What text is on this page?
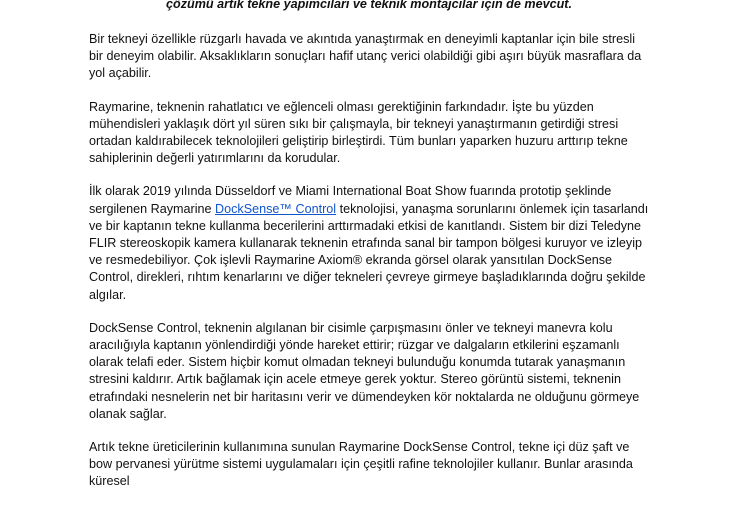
çözümü artık tekne yapımcıları ve teknik montajcılar için de mevcut.

Bir tekneyi özellikle rüzgarlı havada ve akıntıda yanaştırmak en deneyimli kaptanlar için bile stresli bir deneyim olabilir. Aksaklıkların sonuçları hafif utanç verici olabildiği gibi aşırı büyük masraflara da yol açabilir.

Raymarine, teknenin rahatlatıcı ve eğlenceli olması gerektiğinin farkındadır. İşte bu yüzden mühendisleri yaklaşık dört yıl süren sıkı bir çalışmayla, bir tekneyi yanaştırmanın getirdiği stresi ortadan kaldırabilecek teknolojileri geliştirip birleştirdi. Tüm bunları yaparken huzuru arttırıp tekne sahiplerinin değerli yatırımlarını da korudular.

İlk olarak 2019 yılında Düsseldorf ve Miami International Boat Show fuarında prototip şeklinde sergilenen Raymarine DockSense™ Control teknolojisi, yanaşma sorunlarını önlemek için tasarlandı ve bir kaptanın tekne kullanma becerilerini arttırmadaki etkisi de kanıtlandı. Sistem bir dizi Teledyne FLIR stereoskopik kamera kullanarak teknenin etrafında sanal bir tampon bölgesi kuruyor ve izleyip ve resmedebiliyor. Çok işlevli Raymarine Axiom® ekranda görsel olarak yansıtılan DockSense Control, direkleri, rıhtım kenarlarını ve diğer tekneleri çevreye girmeye başladıklarında doğru şekilde algılar.

DockSense Control, teknenin algılanan bir cisimle çarpışmasını önler ve tekneyi manevra kolu aracılığıyla kaptanın yönlendirdiği yönde hareket ettirir; rüzgar ve dalgaların etkilerini eşzamanlı olarak telafi eder. Sistem hiçbir komut olmadan tekneyi bulunduğu konumda tutarak yanaşmanın stresini kaldırır. Artık bağlamak için acele etmeye gerek yoktur. Stereo görüntü sistemi, teknenin etrafındaki nesnelerin net bir haritasını verir ve dümendeyken kör noktalarda ne olduğunu görmeye olanak sağlar.

Artık tekne üreticilerinin kullanımına sunulan Raymarine DockSense Control, tekne içi düz şaft ve bow pervanesi yürütme sistemi uygulamaları için çeşitli rafine teknolojiler kullanır. Bunlar arasında küresel
